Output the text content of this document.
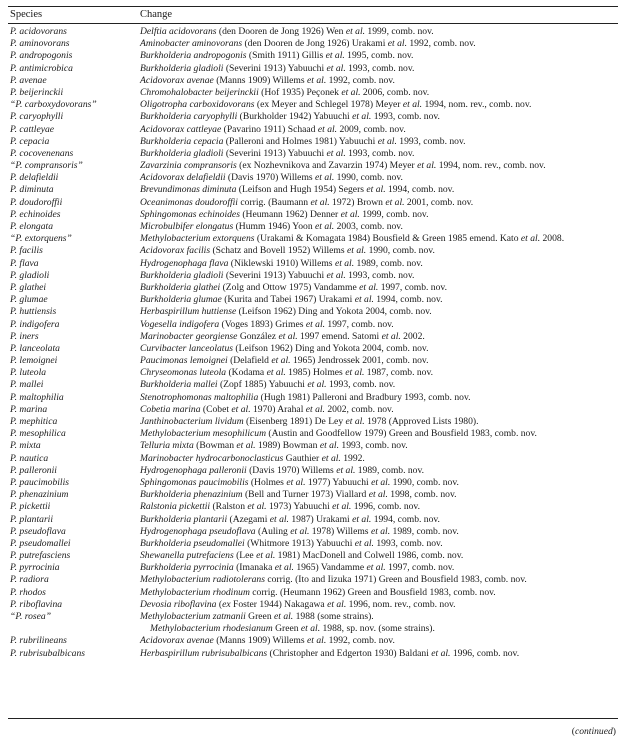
Species	Change
P. acidovorans	Delftia acidovorans (den Dooren de Jong 1926) Wen et al. 1999, comb. nov.
P. aminovorans	Aminobacter aminovorans (den Dooren de Jong 1926) Urakami et al. 1992, comb. nov.
P. andropogonis	Burkholderia andropogonis (Smith 1911) Gillis et al. 1995, comb. nov.
P. antimicrobica	Burkholderia gladioli (Severini 1913) Yabuuchi et al. 1993, comb. nov.
P. avenae	Acidovorax avenae (Manns 1909) Willems et al. 1992, comb. nov.
P. beijerinckii	Chromohalobacter beijerinckii (Hof 1935) Peçonek et al. 2006, comb. nov.
“P. carboxydovorans”	Oligotropha carboxidovorans (ex Meyer and Schlegel 1978) Meyer et al. 1994, nom. rev., comb. nov.
P. caryophylli	Burkholderia caryophylli (Burkholder 1942) Yabuuchi et al. 1993, comb. nov.
P. cattleyae	Acidovorax cattleyae (Pavarino 1911) Schaad et al. 2009, comb. nov.
P. cepacia	Burkholderia cepacia (Palleroni and Holmes 1981) Yabuuchi et al. 1993, comb. nov.
P. cocovenenans	Burkholderia gladioli (Severini 1913) Yabuuchi et al. 1993, comb. nov.
“P. compransoris”	Zavarzinia compransoris (ex Nozhevnikova and Zavarzin 1974) Meyer et al. 1994, nom. rev., comb. nov.
P. delafieldii	Acidovorax delafieldii (Davis 1970) Willems et al. 1990, comb. nov.
P. diminuta	Brevundimonas diminuta (Leifson and Hugh 1954) Segers et al. 1994, comb. nov.
P. doudoroffii	Oceanimonas doudoroffii corrig. (Baumann et al. 1972) Brown et al. 2001, comb. nov.
P. echinoides	Sphingomonas echinoides (Heumann 1962) Denner et al. 1999, comb. nov.
P. elongata	Microbulbifer elongatus (Humm 1946) Yoon et al. 2003, comb. nov.
“P. extorquens”	Methylobacterium extorquens (Urakami & Komagata 1984) Bousfield & Green 1985 emend. Kato et al. 2008.
P. facilis	Acidovorax facilis (Schatz and Bovell 1952) Willems et al. 1990, comb. nov.
P. flava	Hydrogenophaga flava (Niklewski 1910) Willems et al. 1989, comb. nov.
P. gladioli	Burkholderia gladioli (Severini 1913) Yabuuchi et al. 1993, comb. nov.
P. glathei	Burkholderia glathei (Zolg and Ottow 1975) Vandamme et al. 1997, comb. nov.
P. glumae	Burkholderia glumae (Kurita and Tabei 1967) Urakami et al. 1994, comb. nov.
P. huttiensis	Herbaspirillum huttiense (Leifson 1962) Ding and Yokota 2004, comb. nov.
P. indigofera	Vogesella indigofera (Voges 1893) Grimes et al. 1997, comb. nov.
P. iners	Marinobacter georgiense González et al. 1997 emend. Satomi et al. 2002.
P. lanceolata	Curvibacter lanceolatus (Leifson 1962) Ding and Yokota 2004, comb. nov.
P. lemoignei	Paucimonas lemoignei (Delafield et al. 1965) Jendrossek 2001, comb. nov.
P. luteola	Chryseomonas luteola (Kodama et al. 1985) Holmes et al. 1987, comb. nov.
P. mallei	Burkholderia mallei (Zopf 1885) Yabuuchi et al. 1993, comb. nov.
P. maltophilia	Stenotrophomonas maltophilia (Hugh 1981) Palleroni and Bradbury 1993, comb. nov.
P. marina	Cobetia marina (Cobet et al. 1970) Arahal et al. 2002, comb. nov.
P. mephitica	Janthinobacterium lividum (Eisenberg 1891) De Ley et al. 1978 (Approved Lists 1980).
P. mesophilica	Methylobacterium mesophilicum (Austin and Goodfellow 1979) Green and Bousfield 1983, comb. nov.
P. mixta	Telluria mixta (Bowman et al. 1989) Bowman et al. 1993, comb. nov.
P. nautica	Marinobacter hydrocarbonoclasticus Gauthier et al. 1992.
P. palleronii	Hydrogenophaga palleronii (Davis 1970) Willems et al. 1989, comb. nov.
P. paucimobilis	Sphingomonas paucimobilis (Holmes et al. 1977) Yabuuchi et al. 1990, comb. nov.
P. phenazinium	Burkholderia phenazinium (Bell and Turner 1973) Viallard et al. 1998, comb. nov.
P. pickettii	Ralstonia pickettii (Ralston et al. 1973) Yabuuchi et al. 1996, comb. nov.
P. plantarii	Burkholderia plantarii (Azegami et al. 1987) Urakami et al. 1994, comb. nov.
P. pseudoflava	Hydrogenophaga pseudoflava (Auling et al. 1978) Willems et al. 1989, comb. nov.
P. pseudomallei	Burkholderia pseudomallei (Whitmore 1913) Yabuuchi et al. 1993, comb. nov.
P. putrefasciens	Shewanella putrefaciens (Lee et al. 1981) MacDonell and Colwell 1986, comb. nov.
P. pyrrocinia	Burkholderia pyrrocinia (Imanaka et al. 1965) Vandamme et al. 1997, comb. nov.
P. radiora	Methylobacterium radiotolerans corrig. (Ito and Iizuka 1971) Green and Bousfield 1983, comb. nov.
P. rhodos	Methylobacterium rhodinum corrig. (Heumann 1962) Green and Bousfield 1983, comb. nov.
P. riboflavina	Devosia riboflavina (ex Foster 1944) Nakagawa et al. 1996, nom. rev., comb. nov.
“P. rosea”	Methylobacterium zatmanii Green et al. 1988 (some strains).
Methylobacterium rhodesianum Green et al. 1988, sp. nov. (some strains).
P. rubrilineans	Acidovorax avenae (Manns 1909) Willems et al. 1992, comb. nov.
P. rubrisubalbicans	Herbaspirillum rubrisubalbicans (Christopher and Edgerton 1930) Baldani et al. 1996, comb. nov.
(continued)
